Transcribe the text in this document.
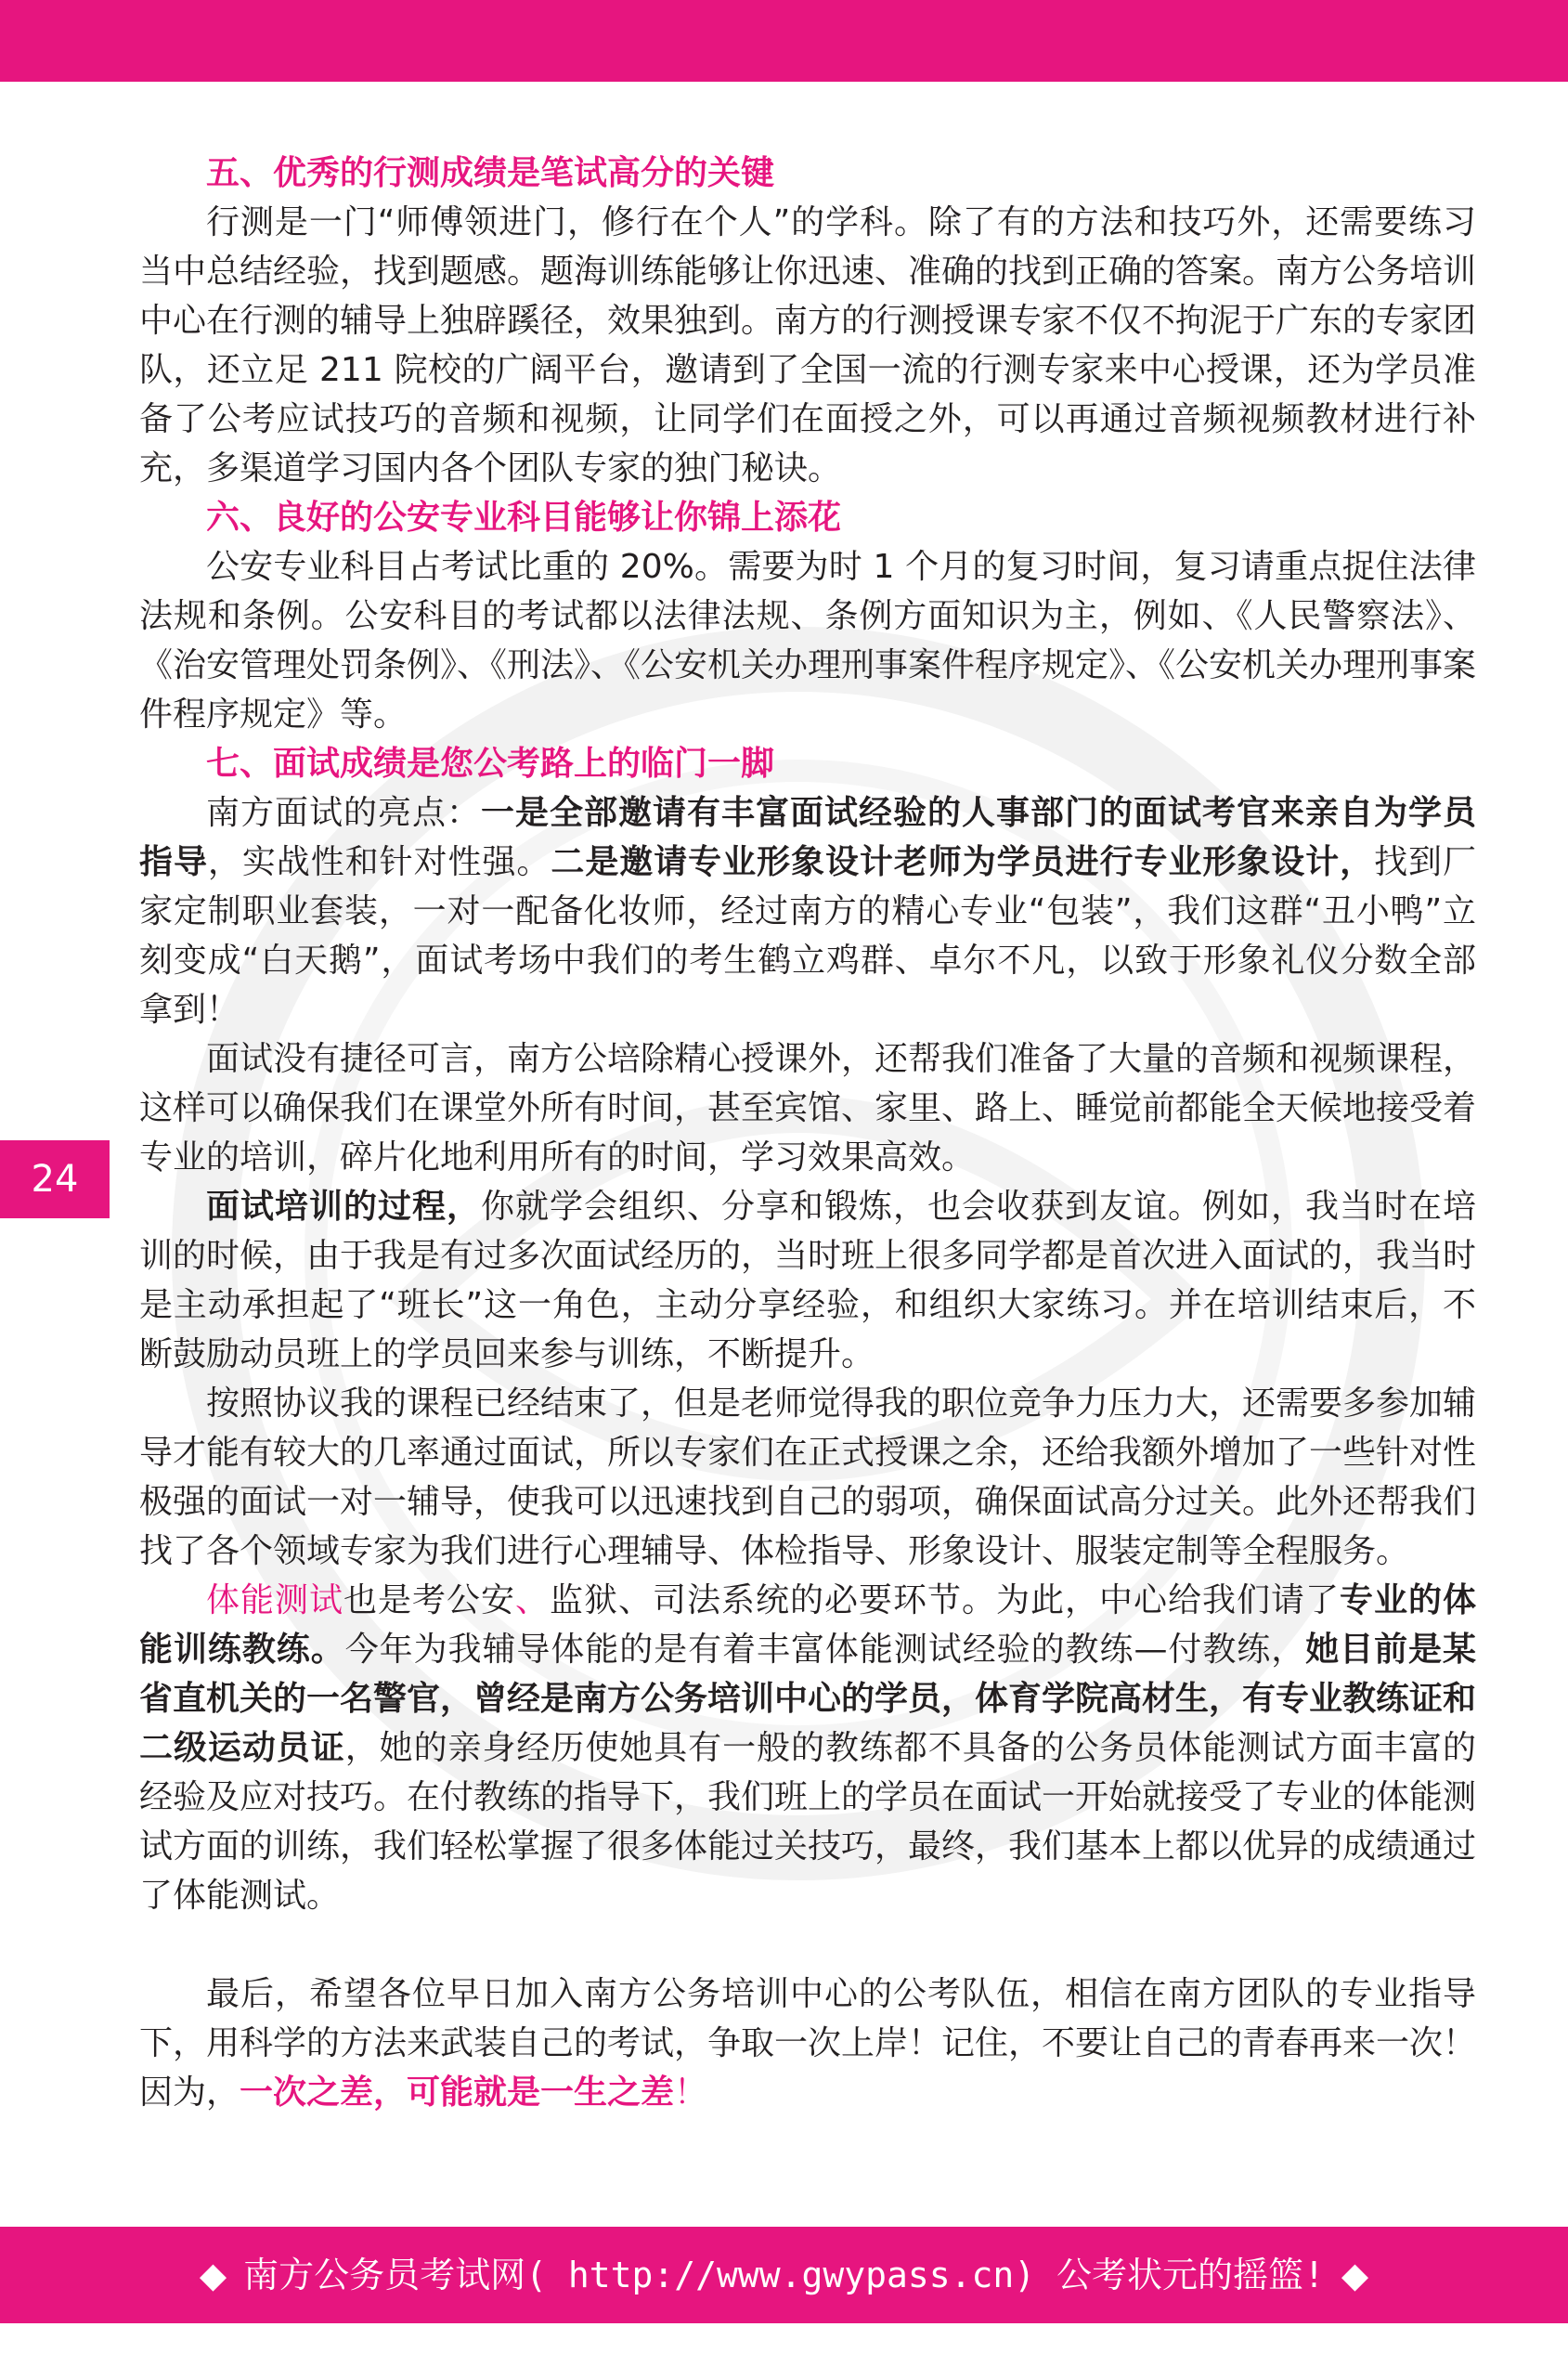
24
五、优秀的行测成绩是笔试高分的关键

行测是一门“师傅领进门，修行在个人”的学科。除了有的方法和技巧外，还需要练习当中总结经验，找到题感。题海训练能够让你迅速、准确的找到正确的答案。南方公务培训中心在行测的辅导上独辟蹊径，效果独到。南方的行测授课专家不仅不拘泥于广东的专家团队，还立足 211 院校的广阔平台，邀请到了全国一流的行测专家来中心授课，还为学员准备了公考应试技巧的音频和视频，让同学们在面授之外，可以再通过音频视频教材进行补充，多渠道学习国内各个团队专家的独门秘诀。

六、良好的公安专业科目能够让你锦上添花

公安专业科目占考试比重的 20%。需要为时 1 个月的复习时间，复习请重点捉住法律法规和条例。公安科目的考试都以法律法规、条例方面知识为主，例如、《人民警察法》、《治安管理处罚条例》、《刑法》、《公安机关办理刑事案件程序规定》、《公安机关办理刑事案件程序规定》等。

七、面试成绩是您公考路上的临门一脚

南方面试的亮点：一是全部邀请有丰富面试经验的人事部门的面试考官来亲自为学员指导，实战性和针对性强。二是邀请专业形象设计老师为学员进行专业形象设计，找到厂家定制职业套装，一对一配备化妆师，经过南方的精心专业“包装”，我们这群“丑小鸭”立刻变成“白天鹅”，面试考场中我们的考生鹤立鸡群、卓尔不凡，以致于形象礼仪分数全部拿到！

面试没有捷径可言，南方公培除精心授课外，还帮我们准备了大量的音频和视频课程，这样可以确保我们在课堂外所有时间，甚至宾馆、家里、路上、睡觉前都能全天候地接受着专业的培训，碎片化地利用所有的时间，学习效果高效。

面试培训的过程，你就学会组织、分享和锻炼，也会收获到友谊。例如，我当时在培训的时候，由于我是有过多次面试经历的，当时班上很多同学都是首次进入面试的，我当时是主动承担起了“班长”这一角色，主动分享经验，和组织大家练习。并在培训结束后，不断鼓励动员班上的学员回来参与训练，不断提升。

按照协议我的课程已经结束了，但是老师觉得我的职位竞争力压力大，还需要多参加辅导才能有较大的几率通过面试，所以专家们在正式授课之余，还给我额外增加了一些针对性极强的面试一对一辅导，使我可以迅速找到自己的弱项，确保面试高分过关。此外还帮我们找了各个领域专家为我们进行心理辅导、体检指导、形象设计、服装定制等全程服务。

体能测试也是考公安、监狱、司法系统的必要环节。为此，中心给我们请了专业的体能训练教练。今年为我辅导体能的是有着丰富体能测试经验的教练—付教练，她目前是某省直机关的一名警官，曾经是南方公务培训中心的学员，体育学院高材生，有专业教练证和二级运动员证，她的亲身经历使她具有一般的教练都不具备的公务员体能测试方面丰富的经验及应对技巧。在付教练的指导下，我们班上的学员在面试一开始就接受了专业的体能测试方面的训练，我们轻松掌握了很多体能过关技巧，最终，我们基本上都以优异的成绩通过了体能测试。

最后，希望各位早日加入南方公务培训中心的公考队伍，相信在南方团队的专业指导下，用科学的方法来武装自己的考试，争取一次上岸！记住，不要让自己的青春再来一次！因为，一次之差，可能就是一生之差！

◆ 南方公务员考试网( http://www.gwypass.cn) 公考状元的摇篮! ◆
